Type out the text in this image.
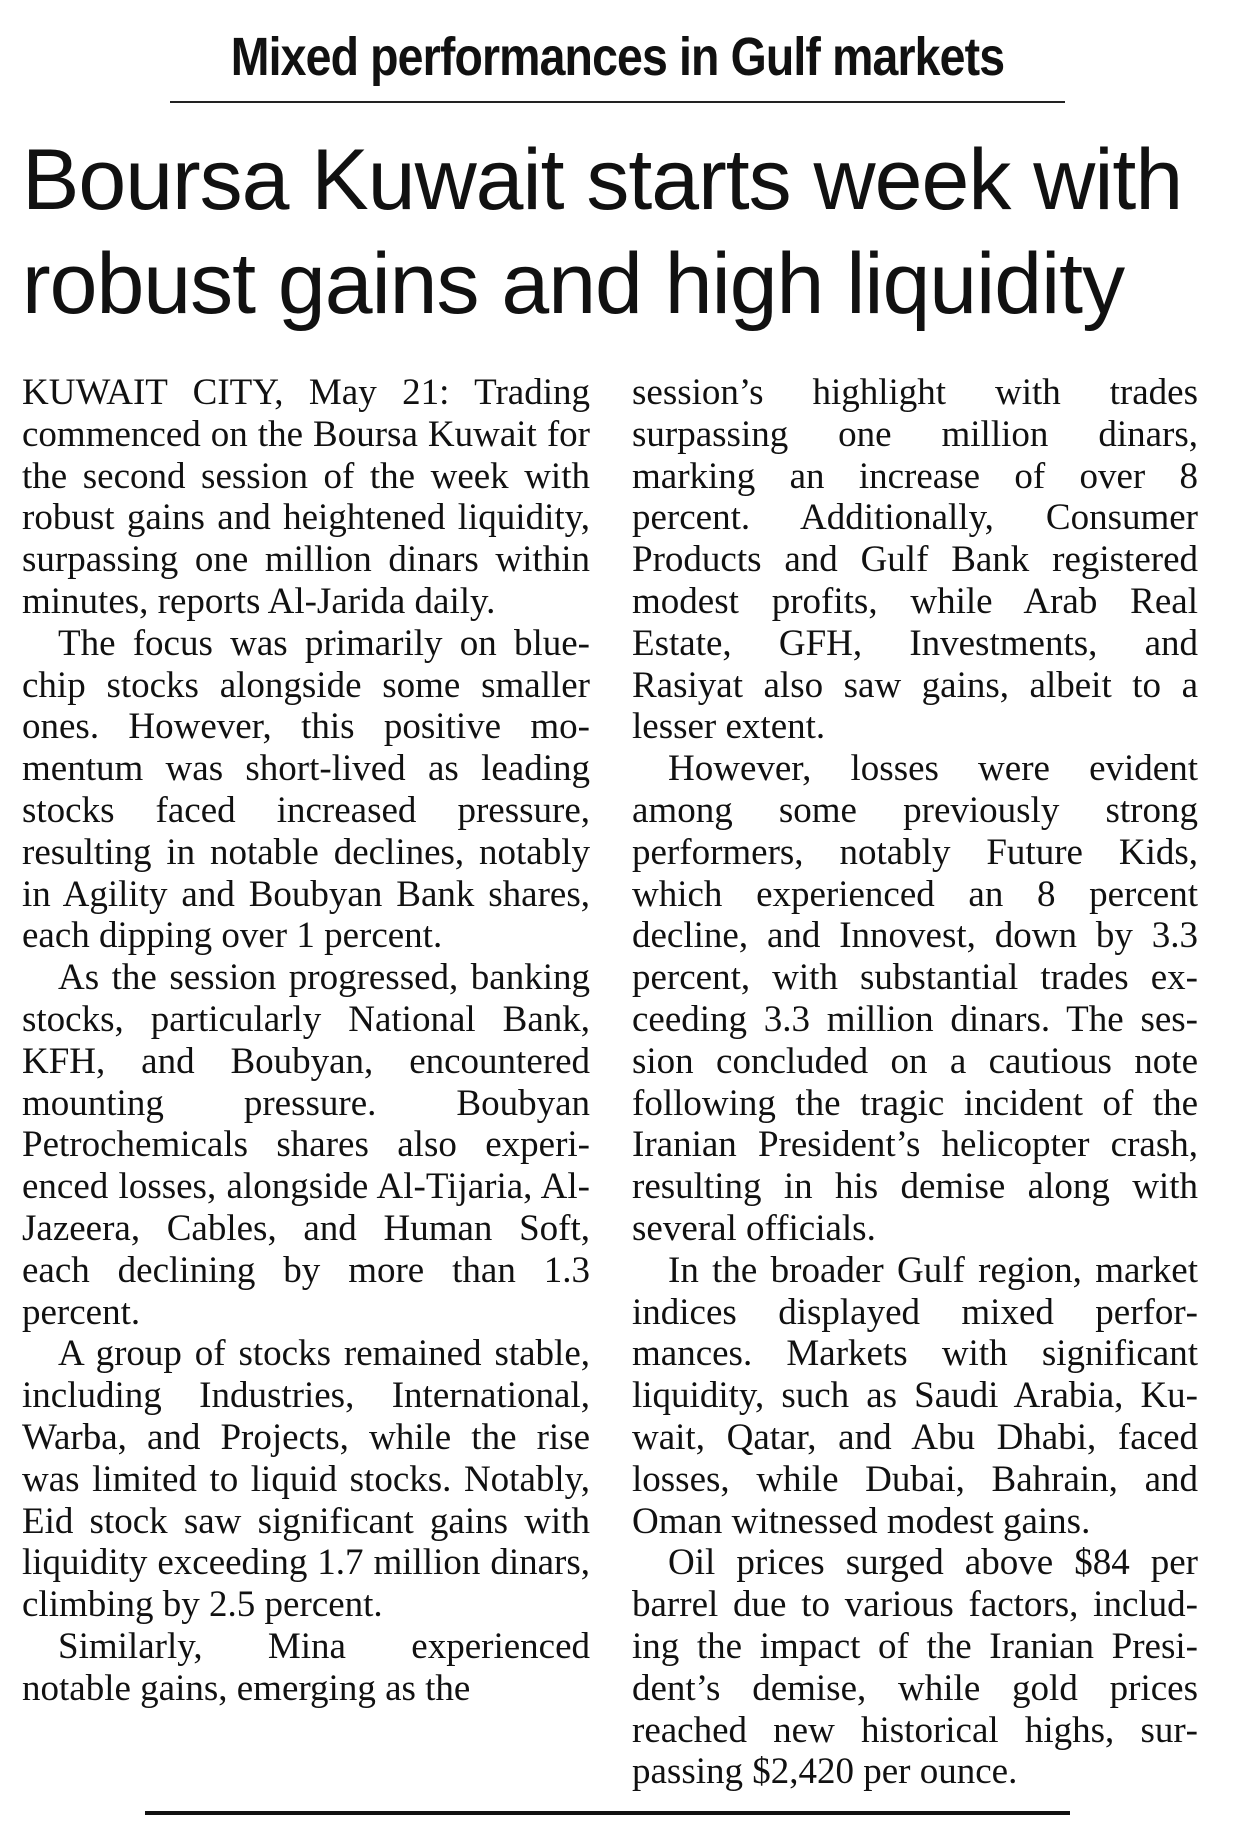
Mixed performances in Gulf markets
Boursa Kuwait starts week with robust gains and high liquidity

KUWAIT CITY, May 21: Trading commenced on the Boursa Kuwait for the second session of the week with robust gains and heightened liquidity, surpassing one million dinars within minutes, reports Al-Jarida daily.

The focus was primarily on blue-chip stocks alongside some smaller ones. However, this positive momentum was short-lived as leading stocks faced increased pressure, resulting in notable declines, notably in Agility and Boubyan Bank shares, each dipping over 1 percent.

As the session progressed, banking stocks, particularly National Bank, KFH, and Boubyan, encountered mounting pressure. Boubyan Petrochemicals shares also experienced losses, alongside Al-Tijaria, Al-Jazeera, Cables, and Human Soft, each declining by more than 1.3 percent.

A group of stocks remained stable, including Industries, International, Warba, and Projects, while the rise was limited to liquid stocks. Notably, Eid stock saw significant gains with liquidity exceeding 1.7 million dinars, climbing by 2.5 percent.

Similarly, Mina experienced notable gains, emerging as the

session’s highlight with trades surpassing one million dinars, marking an increase of over 8 percent. Additionally, Consumer Products and Gulf Bank registered modest profits, while Arab Real Estate, GFH, Investments, and Rasiyat also saw gains, albeit to a lesser extent.

However, losses were evident among some previously strong performers, notably Future Kids, which experienced an 8 percent decline, and Innovest, down by 3.3 percent, with substantial trades exceeding 3.3 million dinars. The session concluded on a cautious note following the tragic incident of the Iranian President’s helicopter crash, resulting in his demise along with several officials.

In the broader Gulf region, market indices displayed mixed performances. Markets with significant liquidity, such as Saudi Arabia, Kuwait, Qatar, and Abu Dhabi, faced losses, while Dubai, Bahrain, and Oman witnessed modest gains.

Oil prices surged above $84 per barrel due to various factors, including the impact of the Iranian President’s demise, while gold prices reached new historical highs, surpassing $2,420 per ounce.
